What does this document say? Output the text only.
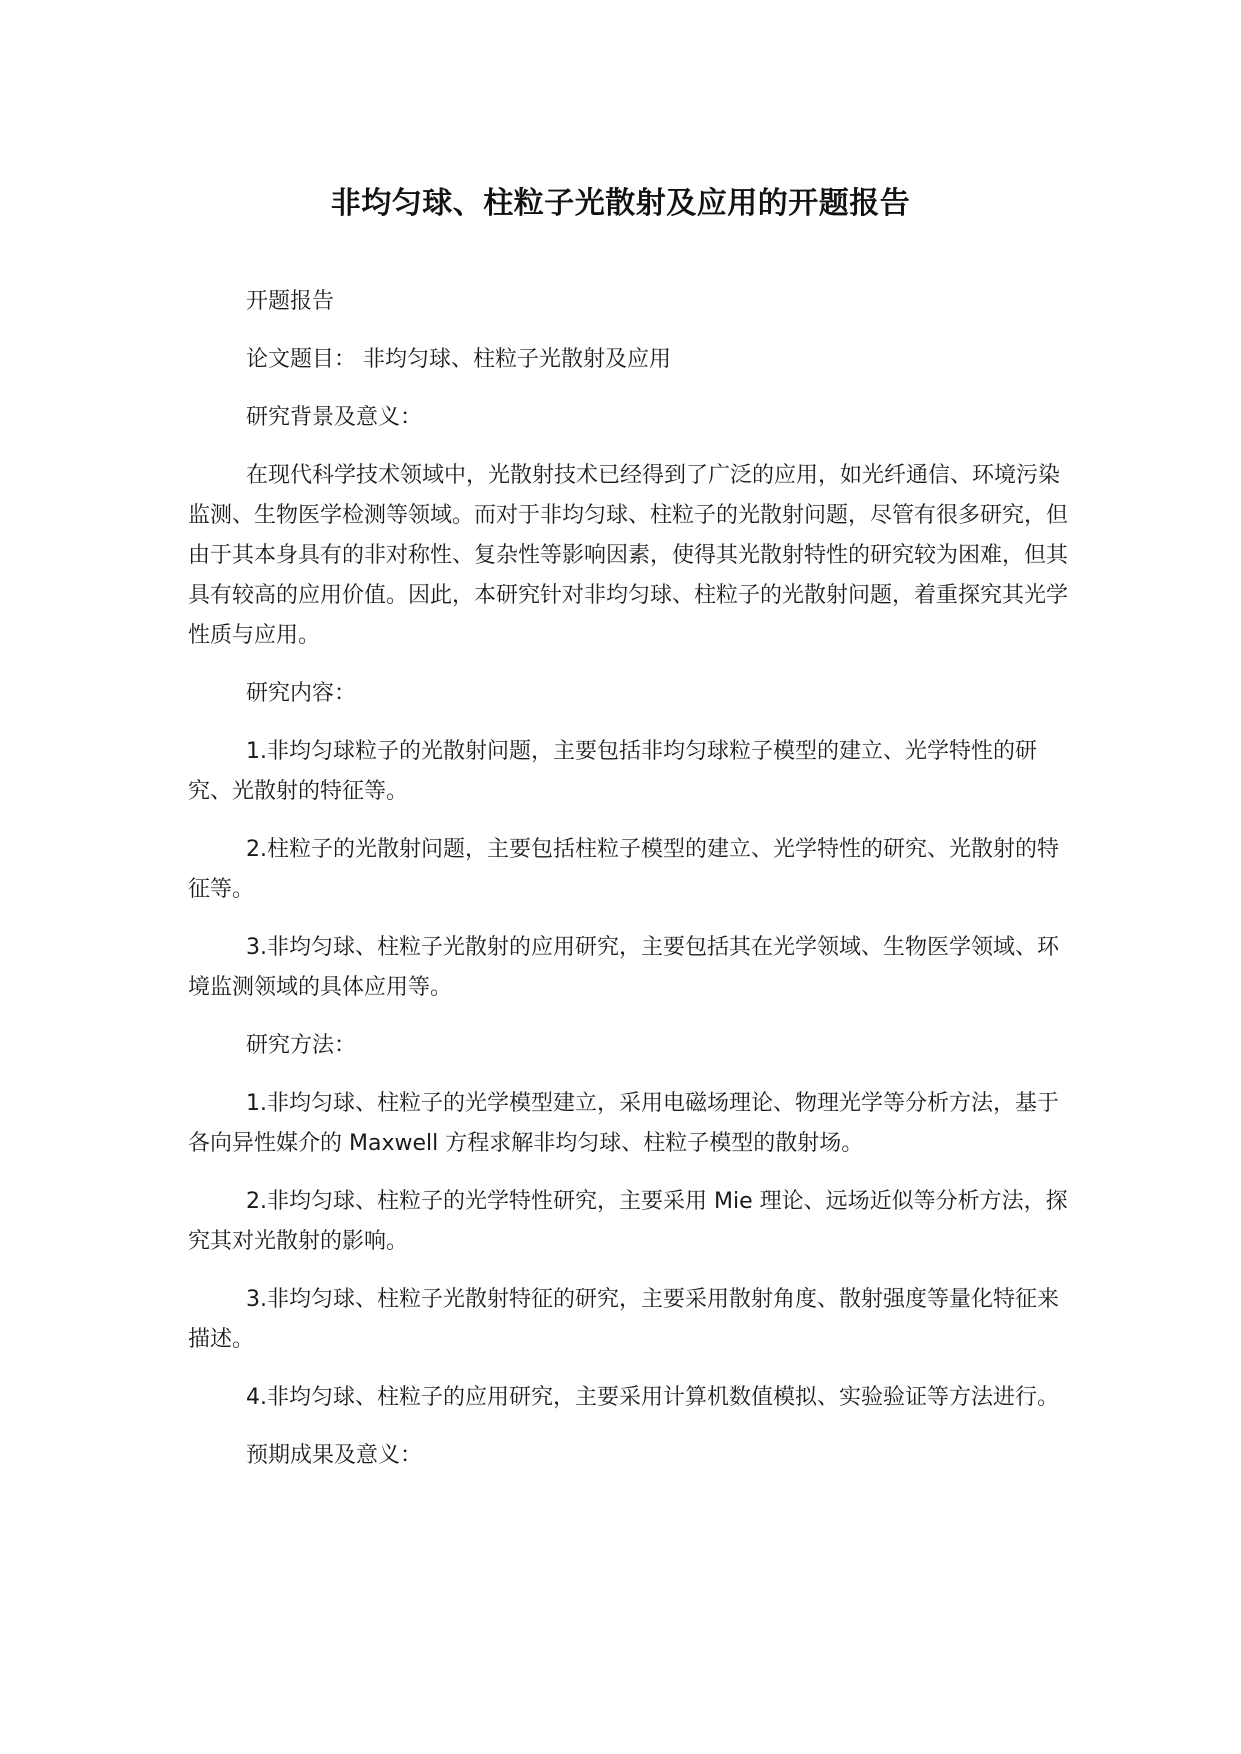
非均匀球、柱粒子光散射及应用的开题报告

开题报告

论文题目： 非均匀球、柱粒子光散射及应用

研究背景及意义：

在现代科学技术领域中，光散射技术已经得到了广泛的应用，如光纤通信、环境污染监测、生物医学检测等领域。而对于非均匀球、柱粒子的光散射问题，尽管有很多研究，但由于其本身具有的非对称性、复杂性等影响因素，使得其光散射特性的研究较为困难，但其具有较高的应用价值。因此，本研究针对非均匀球、柱粒子的光散射问题，着重探究其光学性质与应用。

研究内容：

1.非均匀球粒子的光散射问题，主要包括非均匀球粒子模型的建立、光学特性的研究、光散射的特征等。

2.柱粒子的光散射问题，主要包括柱粒子模型的建立、光学特性的研究、光散射的特征等。

3.非均匀球、柱粒子光散射的应用研究，主要包括其在光学领域、生物医学领域、环境监测领域的具体应用等。

研究方法：

1.非均匀球、柱粒子的光学模型建立，采用电磁场理论、物理光学等分析方法，基于各向异性媒介的 Maxwell 方程求解非均匀球、柱粒子模型的散射场。

2.非均匀球、柱粒子的光学特性研究，主要采用 Mie 理论、远场近似等分析方法，探究其对光散射的影响。

3.非均匀球、柱粒子光散射特征的研究，主要采用散射角度、散射强度等量化特征来描述。

4.非均匀球、柱粒子的应用研究，主要采用计算机数值模拟、实验验证等方法进行。

预期成果及意义：
